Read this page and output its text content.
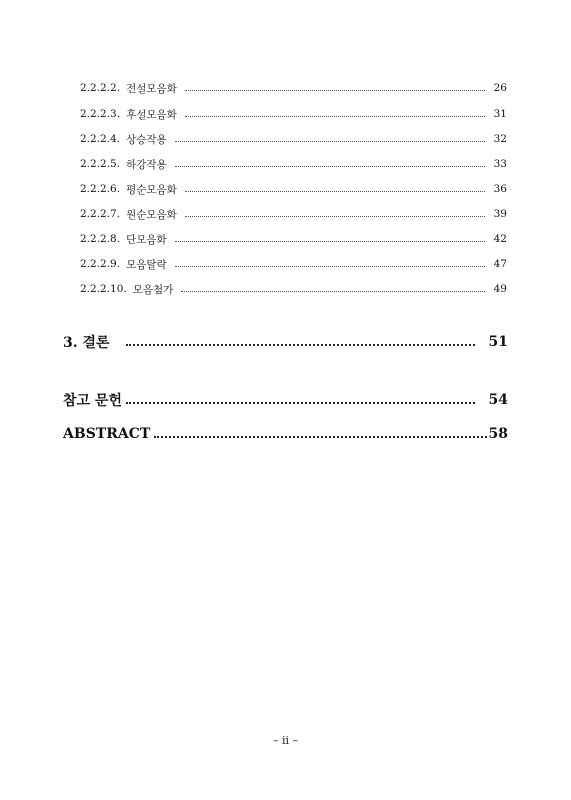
2.2.2.2. 전설모음화	26
2.2.2.3. 후설모음화	31
2.2.2.4. 상승작용	32
2.2.2.5. 하강작용	33
2.2.2.6. 평순모음화	36
2.2.2.7. 원순모음화	39
2.2.2.8. 단모음화	42
2.2.2.9. 모음탈락	47
2.2.2.10. 모음첨가	49
3. 결론	51
참고 문헌	54
ABSTRACT	58
– ii –
